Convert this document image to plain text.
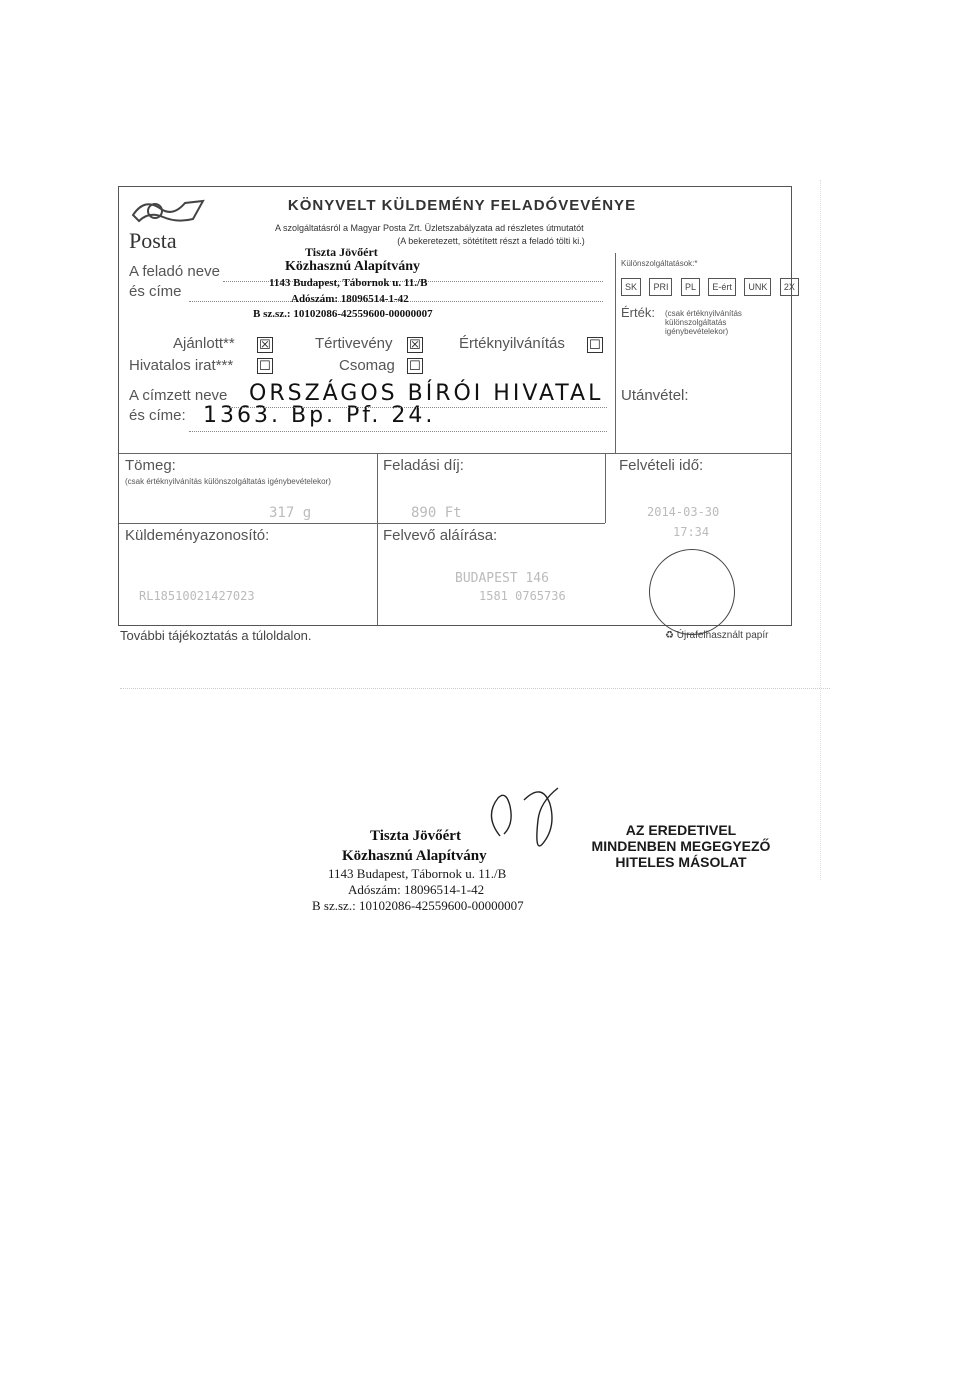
Posta
KÖNYVELT KÜLDEMÉNY FELADÓVEVÉNYE
A szolgáltatásról a Magyar Posta Zrt. Üzletszabályzata ad részletes útmutatót
(A bekeretezett, sötétített részt a feladó tölti ki.)
A feladó neve
és címe
Tiszta Jövőért
Közhasznú Alapítvány
1143 Budapest, Tábornok u. 11./B
Adószám: 18096514-1-42
B sz.sz.: 10102086-42559600-00000007
Különszolgáltatások:*
SK PRI PL E-ért UNK 2X
Érték: (csak értéknyilvánítás különszolgáltatás igénybevételekor)
Ajánlott** ☒
Hivatalos irat*** ☐
Tértivevény ☒
Csomag ☐
Értéknyilvánítás ☐
A címzett neve
és címe:
ORSZÁGOS BÍRÓI HIVATAL
1363. Bp. Pf. 24.
Utánvétel:
Tömeg:
(csak értéknyilvánítás különszolgáltatás igénybevételekor)
317 g
Feladási díj:
890 Ft
Felvételi idő:
2014-03-30
17:34
Küldeményazonosító:
RL18510021427023
Felvevő aláírása:
BUDAPEST 146
1581 0765736
További tájékoztatás a túloldalon.	♻ Újrafelhasznált papír
Tiszta Jövőért
Közhasznú Alapítvány
1143 Budapest, Tábornok u. 11./B
Adószám: 18096514-1-42
B sz.sz.: 10102086-42559600-00000007
AZ EREDETIVEL
MINDENBEN MEGEGYEZŐ
HITELES MÁSOLAT
